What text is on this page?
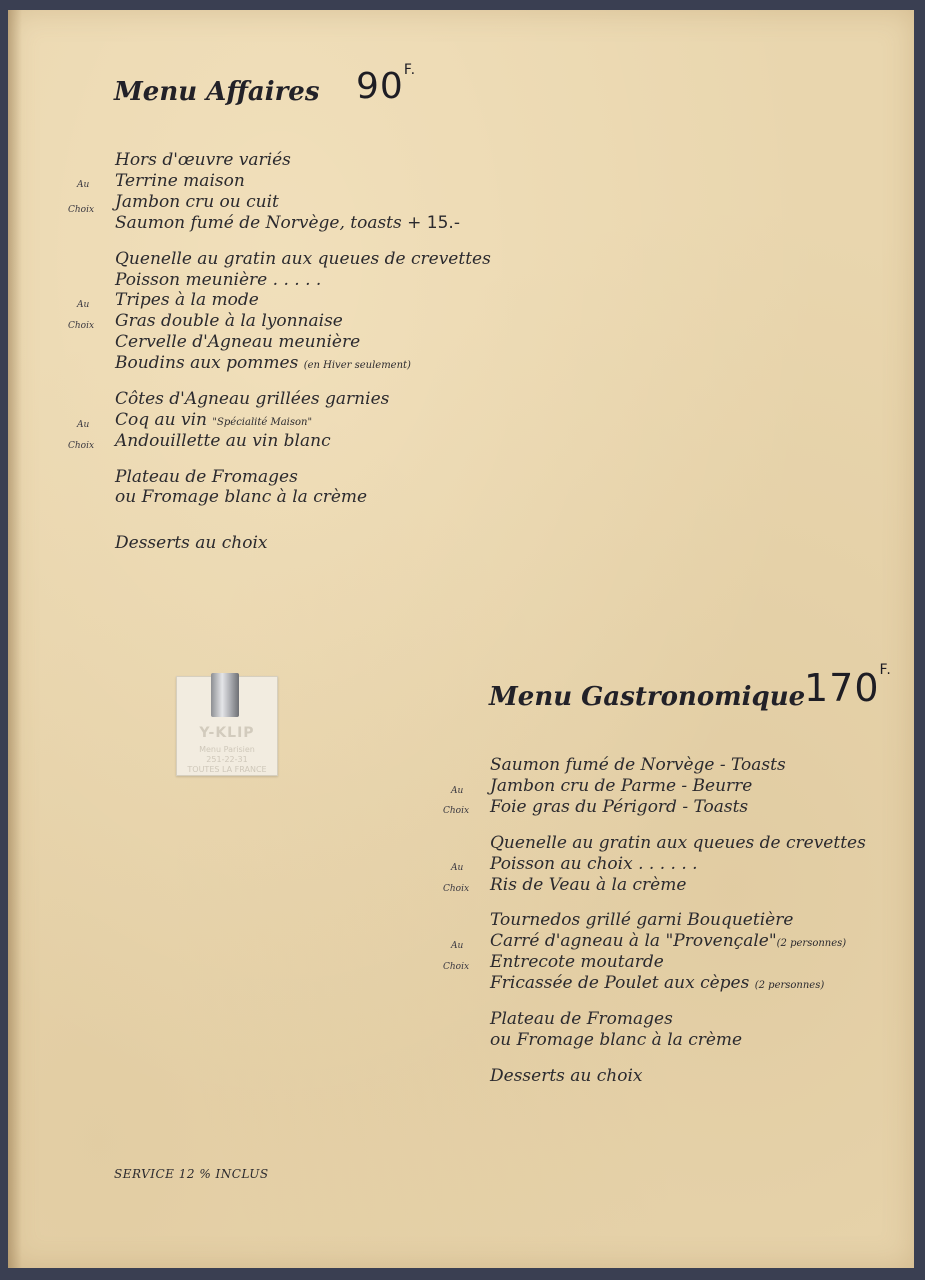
Menu Affaires $90^{F.}$
Hors d'œuvre variés
Au Terrine maison
Choix Jambon cru ou cuit
Saumon fumé de Norvège, toasts + 15.-
Quenelle au gratin aux queues de crevettes
Poisson meunière . . . . .
Au Tripes à la mode
Choix Gras double à la lyonnaise
Cervelle d'Agneau meunière
Boudins aux pommes (en Hiver seulement)
Côtes d'Agneau grillées garnies
Au Coq au vin "Spécialité Maison"
Choix Andouillette au vin blanc
Plateau de Fromages
ou Fromage blanc à la crème
Desserts au choix
Y-KLIP
Menu Parisien
251-22-31
TOUTES LA FRANCE
Menu Gastronomique
$170^{F.}$
Saumon fumé de Norvège - Toasts
Au Jambon cru de Parme - Beurre
Choix Foie gras du Périgord - Toasts
Quenelle au gratin aux queues de crevettes
Au Poisson au choix . . . . . .
Choix Ris de Veau à la crème
Tournedos grillé garni Bouquetière
Au Carré d'agneau à la "Provençale"(2 personnes)
Choix Entrecote moutarde
Fricassée de Poulet aux cèpes (2 personnes)
Plateau de Fromages
ou Fromage blanc à la crème
Desserts au choix
SERVICE 12 % INCLUS
